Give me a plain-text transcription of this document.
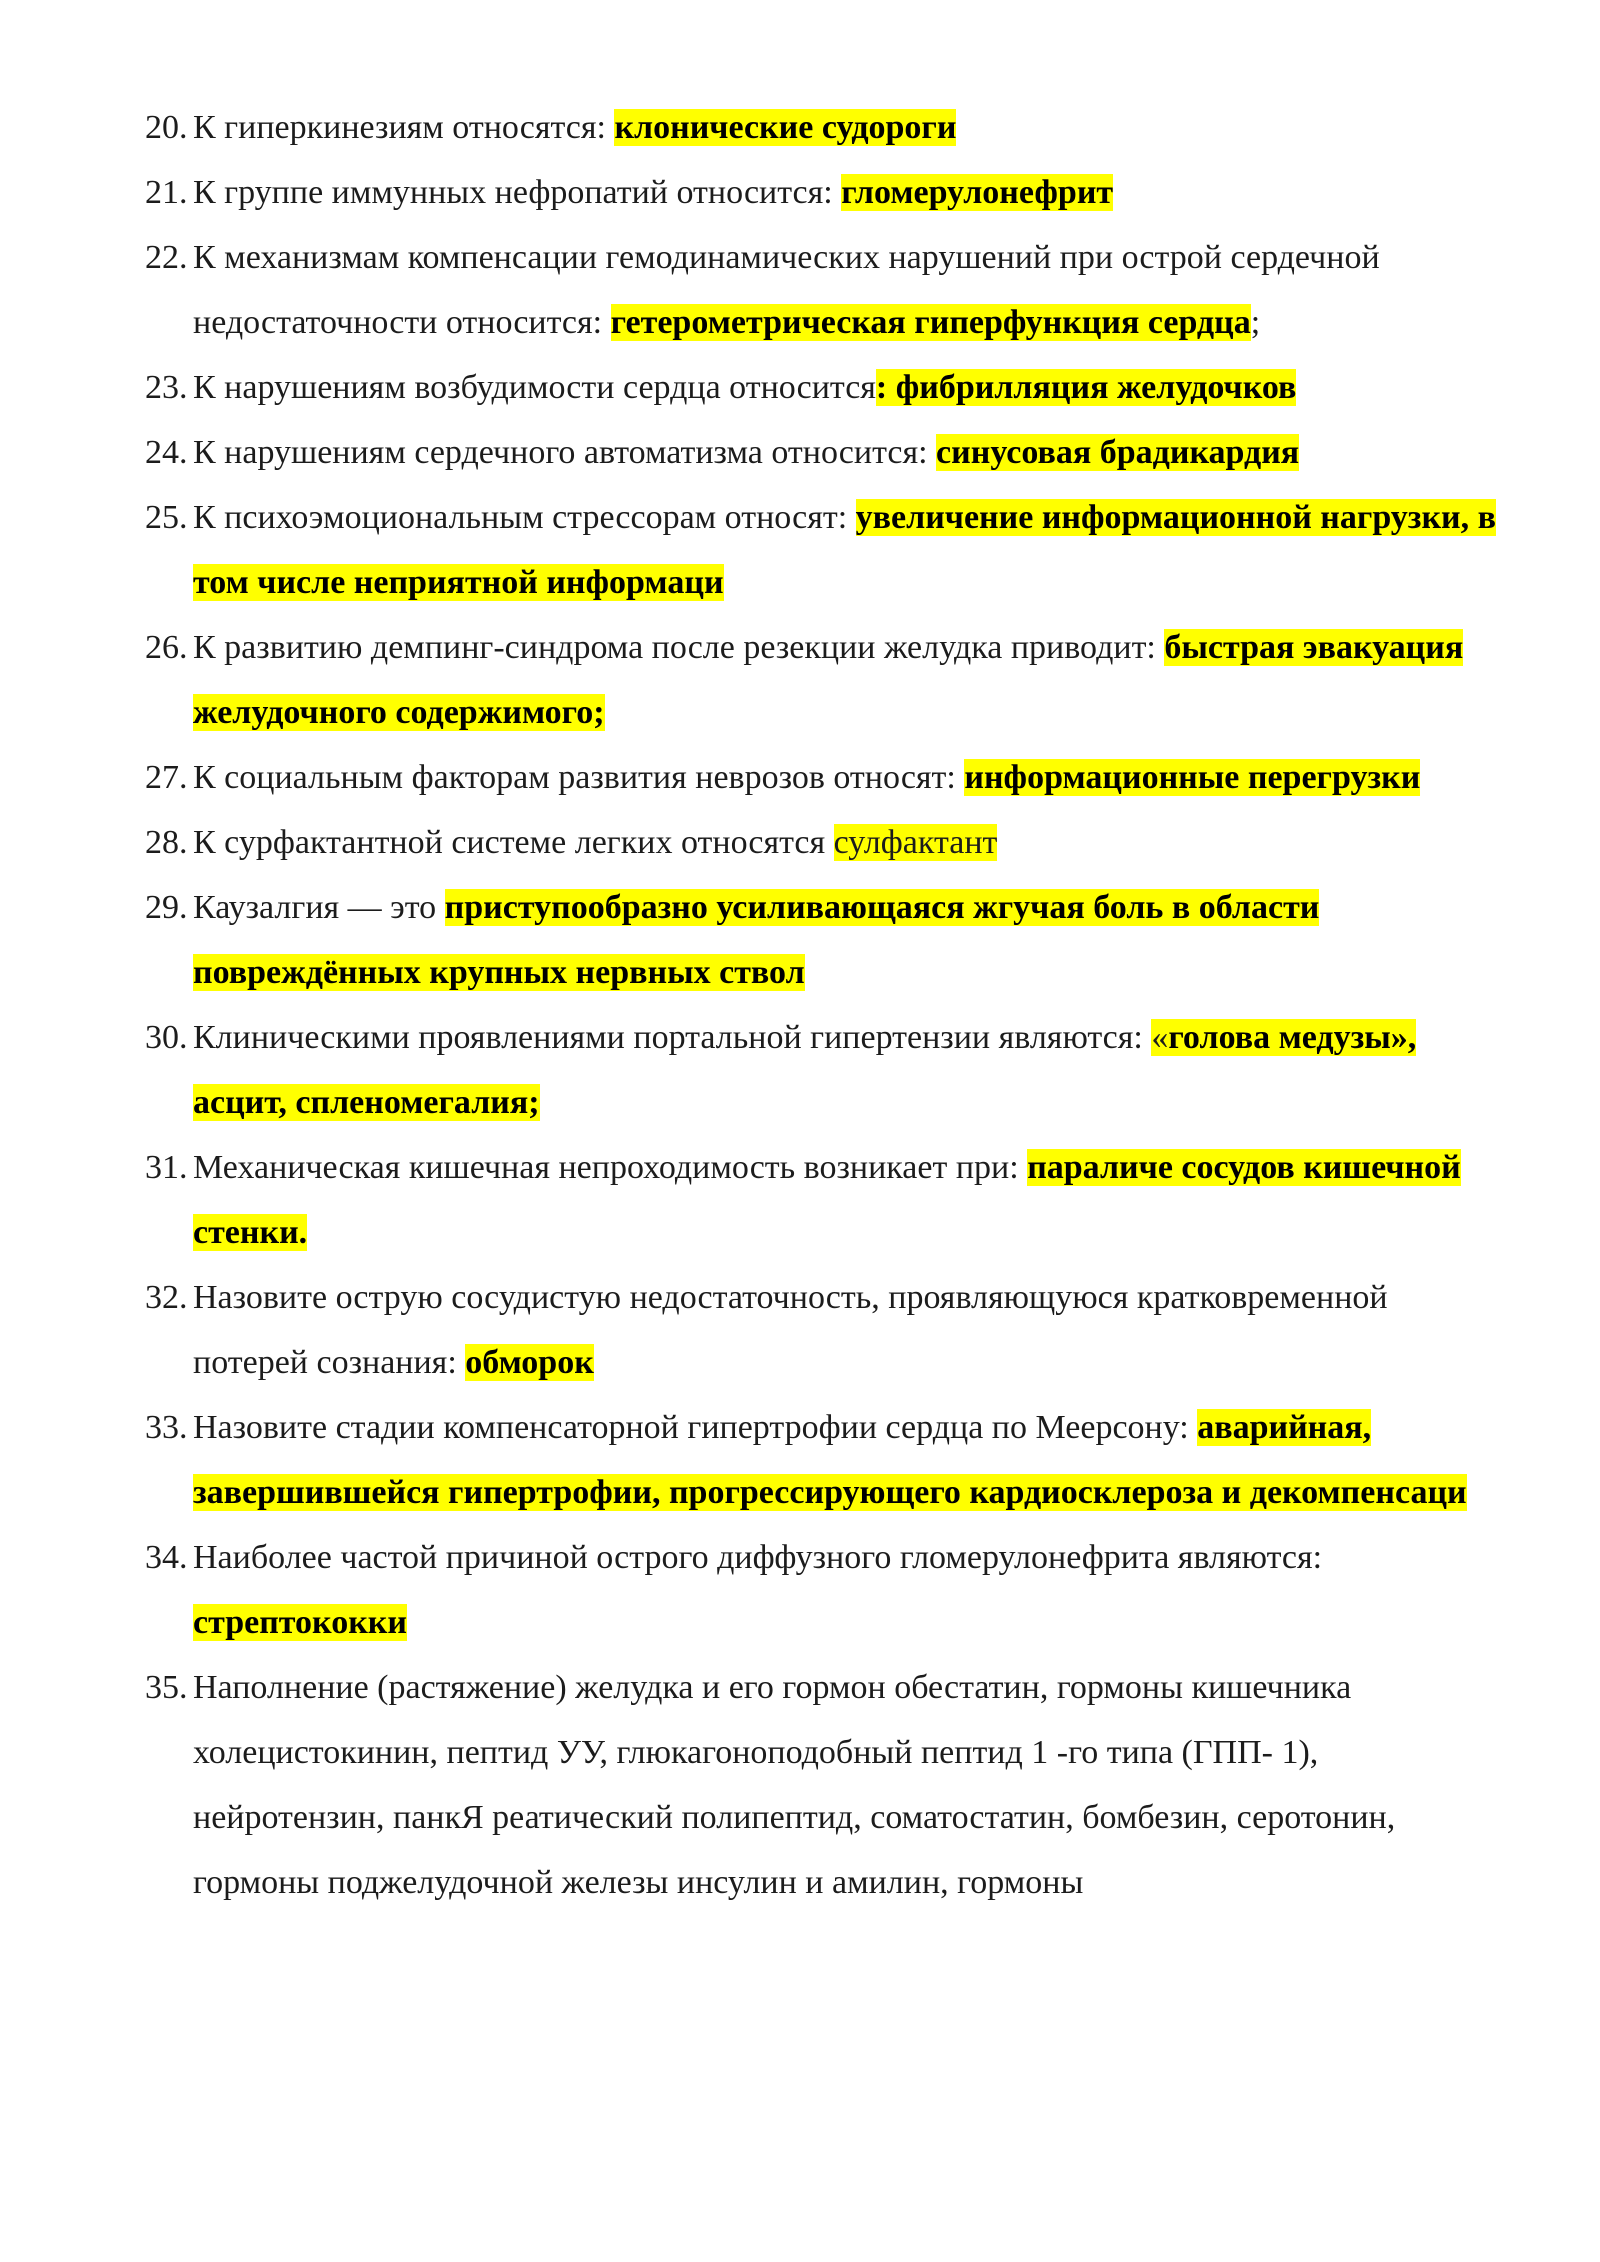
20. К гиперкинезиям относятся: клонические судороги
21. К группе иммунных нефропатий относится: гломерулонефрит
22. К механизмам компенсации гемодинамических нарушений при острой сердечной недостаточности относится: гетерометрическая гиперфункция сердца;
23. К нарушениям возбудимости сердца относится: фибрилляция желудочков
24. К нарушениям сердечного автоматизма относится: синусовая брадикардия
25. К психоэмоциональным стрессорам относят: увеличение информационной нагрузки, в том числе неприятной информаци
26. К развитию демпинг-синдрома после резекции желудка приводит: быстрая эвакуация желудочного содержимого;
27. К социальным факторам развития неврозов относят: информационные перегрузки
28. К сурфактантной системе легких относятся сулфактант
29. Каузалгия — это приступообразно усиливающаяся жгучая боль в области повреждённых крупных нервных ствол
30. Клиническими проявлениями портальной гипертензии являются: «голова медузы», асцит, спленомегалия;
31. Механическая кишечная непроходимость возникает при: параличе сосудов кишечной стенки.
32. Назовите острую сосудистую недостаточность, проявляющуюся кратковременной потерей сознания: обморок
33. Назовите стадии компенсаторной гипертрофии сердца по Меерсону: аварийная, завершившейся гипертрофии, прогрессирующего кардиосклероза и декомпенсаци
34. Наиболее частой причиной острого диффузного гломерулонефрита являются: стрептококки
35. Наполнение (растяжение) желудка и его гормон обестатин, гормоны кишечника холецистокинин, пептид УУ, глюкагоноподобный пептид 1 -го типа (ГПП- 1), нейротензин, панкЯ реатический полипептид, соматостатин, бомбезин, серотонин, гормоны поджелудочной железы инсулин и амилин, гормоны
